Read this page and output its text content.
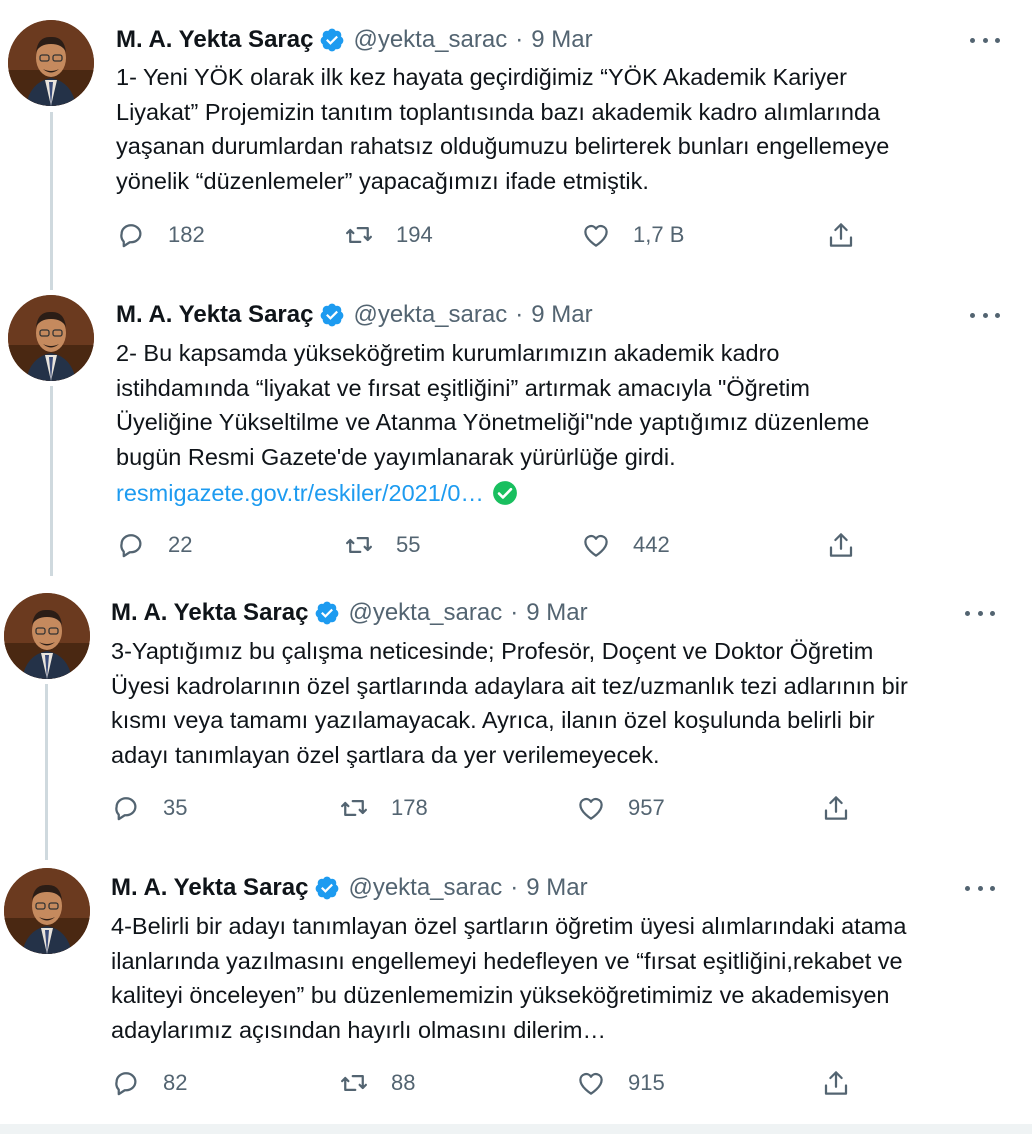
M. A. Yekta Saraç @yekta_sarac · 9 Mar
1- Yeni YÖK olarak ilk kez hayata geçirdiğimiz “YÖK Akademik Kariyer
Liyakat” Projemizin tanıtım toplantısında bazı akademik kadro alımlarında
yaşanan durumlardan rahatsız olduğumuzu belirterek bunları engellemeye
yönelik “düzenlemeler” yapacağımızı ifade etmiştik.
182	194	1,7 B
M. A. Yekta Saraç @yekta_sarac · 9 Mar
2- Bu kapsamda yükseköğretim kurumlarımızın akademik kadro
istihdamında “liyakat ve fırsat eşitliğini” artırmak amacıyla "Öğretim
Üyeliğine Yükseltilme ve Atanma Yönetmeliği"nde yaptığımız düzenleme
bugün Resmi Gazete'de yayımlanarak yürürlüğe girdi.
resmigazete.gov.tr/eskiler/2021/0…
22	55	442
M. A. Yekta Saraç @yekta_sarac · 9 Mar
3-Yaptığımız bu çalışma neticesinde; Profesör, Doçent ve Doktor Öğretim
Üyesi kadrolarının özel şartlarında adaylara ait tez/uzmanlık tezi adlarının bir
kısmı veya tamamı yazılamayacak. Ayrıca, ilanın özel koşulunda belirli bir
adayı tanımlayan özel şartlara da yer verilemeyecek.
35	178	957
M. A. Yekta Saraç @yekta_sarac · 9 Mar
4-Belirli bir adayı tanımlayan özel şartların öğretim üyesi alımlarındaki atama
ilanlarında yazılmasını engellemeyi hedefleyen ve “fırsat eşitliğini,rekabet ve
kaliteyi önceleyen” bu düzenlememizin yükseköğretimimiz ve akademisyen
adaylarımız açısından hayırlı olmasını dilerim…
82	88	915
